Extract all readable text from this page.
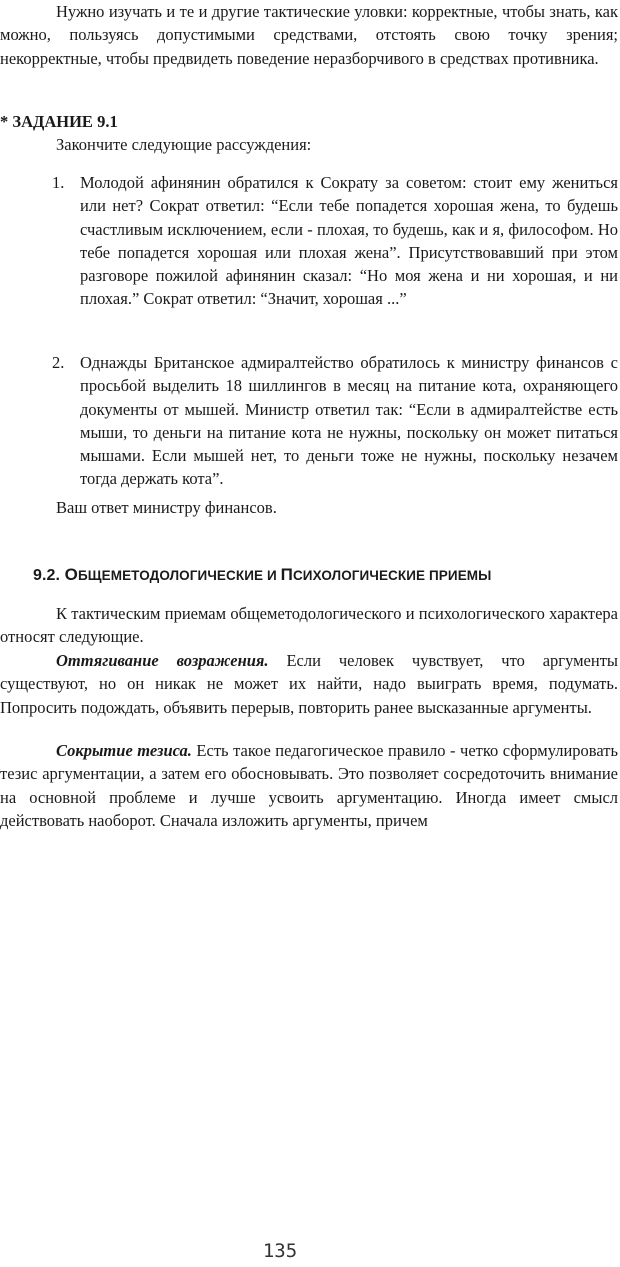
Нужно изучать и те и другие тактические уловки: корректные, чтобы знать, как можно, пользуясь допустимыми средствами, отстоять свою точку зрения; некорректные, чтобы предвидеть поведение неразборчивого в средствах противника.

* ЗАДАНИЕ 9.1

Закончите следующие рассуждения:

1. Молодой афинянин обратился к Сократу за советом: стоит ему жениться или нет? Сократ ответил: “Если тебе попадется хорошая жена, то будешь счастливым исключением, если - плохая, то будешь, как и я, философом. Но тебе попадется хорошая или плохая жена”. Присутствовавший при этом разговоре пожилой афинянин сказал: “Но моя жена и ни хорошая, и ни плохая.” Сократ ответил: “Значит, хорошая ...”

2. Однажды Британское адмиралтейство обратилось к министру финансов с просьбой выделить 18 шиллингов в месяц на питание кота, охраняющего документы от мышей. Министр ответил так: “Если в адмиралтействе есть мыши, то деньги на питание кота не нужны, поскольку он может питаться мышами. Если мышей нет, то деньги тоже не нужны, поскольку незачем тогда держать кота”.

Ваш ответ министру финансов.

9.2. ОБЩЕМЕТОДОЛОГИЧЕСКИЕ И ПСИХОЛОГИЧЕСКИЕ ПРИЕМЫ

К тактическим приемам общеметодологического и психологического характера относят следующие.

Оттягивание возражения. Если человек чувствует, что аргументы существуют, но он никак не может их найти, надо выиграть время, подумать. Попросить подождать, объявить перерыв, повторить ранее высказанные аргументы.

Сокрытие тезиса. Есть такое педагогическое правило - четко сформулировать тезис аргументации, а затем его обосновывать. Это позволяет сосредоточить внимание на основной проблеме и лучше усвоить аргументацию. Иногда имеет смысл действовать наоборот. Сначала изложить аргументы, причем

135
